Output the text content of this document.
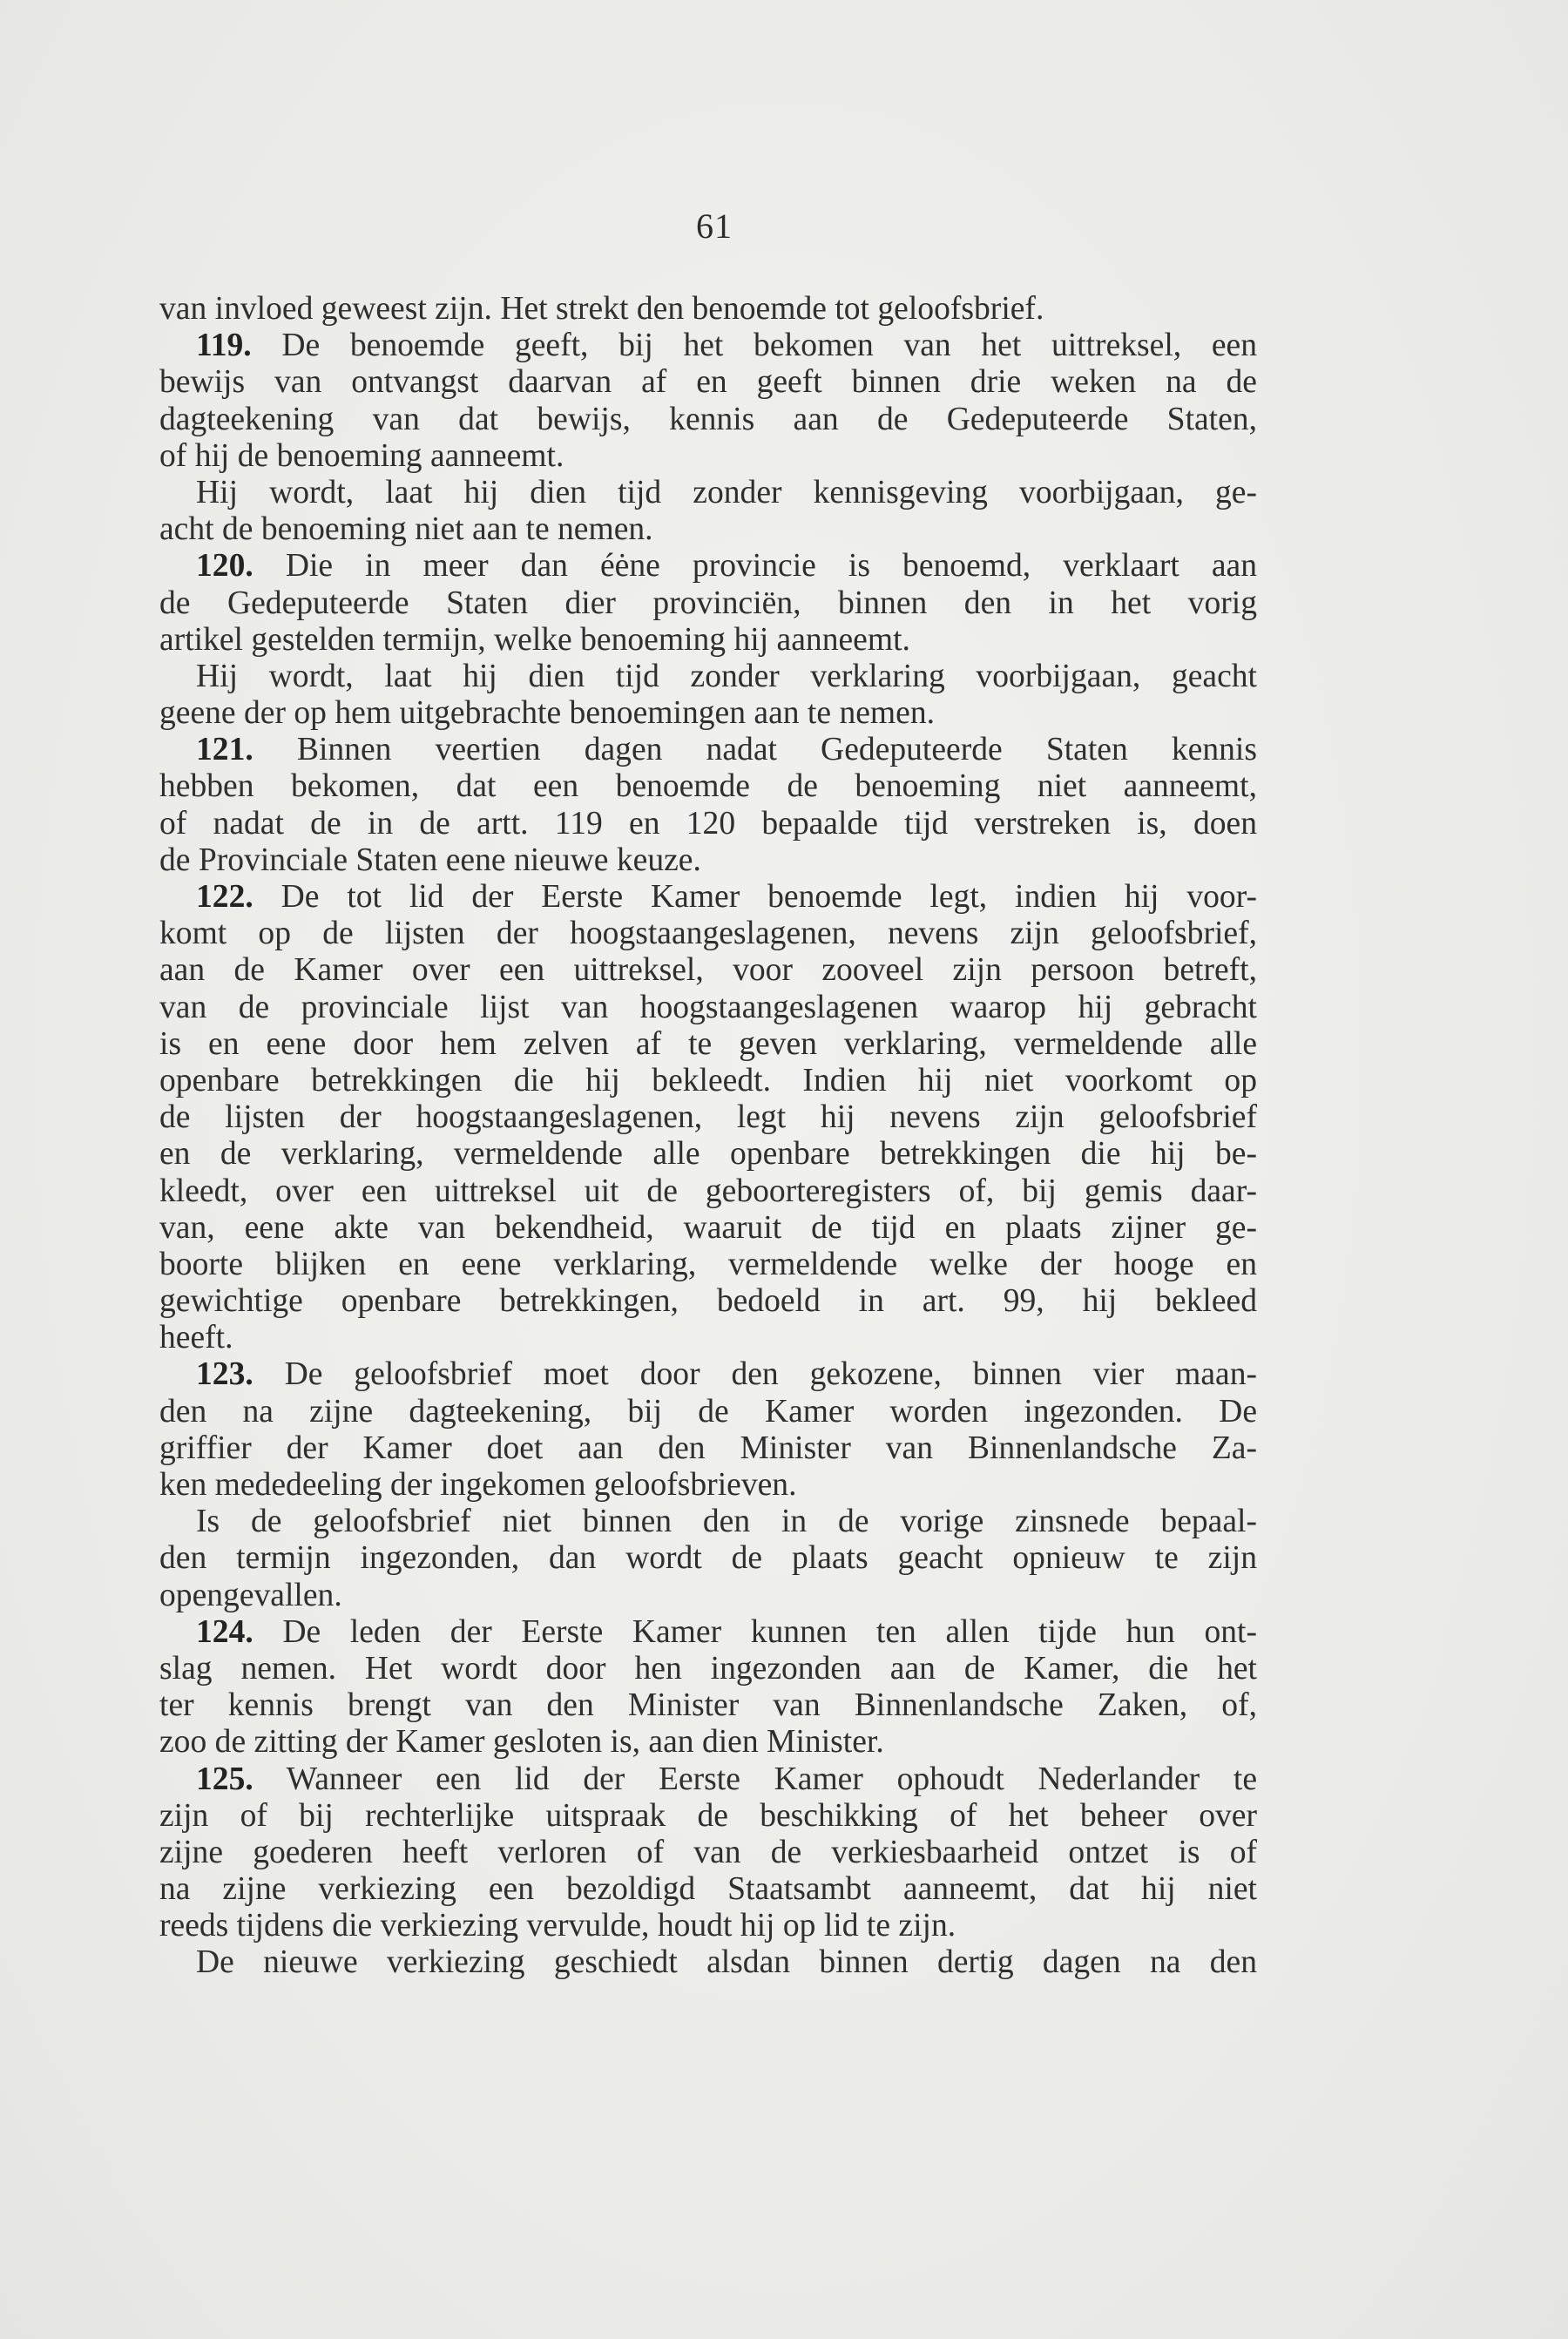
61
van invloed geweest zijn. Het strekt den benoemde tot geloofsbrief.
119. De benoemde geeft, bij het bekomen van het uittreksel, een
bewijs van ontvangst daarvan af en geeft binnen drie weken na de
dagteekening van dat bewijs, kennis aan de Gedeputeerde Staten,
of hij de benoeming aanneemt.
Hij wordt, laat hij dien tijd zonder kennisgeving voorbijgaan, ge-
acht de benoeming niet aan te nemen.
120. Die in meer dan éėne provincie is benoemd, verklaart aan
de Gedeputeerde Staten dier provinciën, binnen den in het vorig
artikel gestelden termijn, welke benoeming hij aanneemt.
Hij wordt, laat hij dien tijd zonder verklaring voorbijgaan, geacht
geene der op hem uitgebrachte benoemingen aan te nemen.
121. Binnen veertien dagen nadat Gedeputeerde Staten kennis
hebben bekomen, dat een benoemde de benoeming niet aanneemt,
of nadat de in de artt. 119 en 120 bepaalde tijd verstreken is, doen
de Provinciale Staten eene nieuwe keuze.
122. De tot lid der Eerste Kamer benoemde legt, indien hij voor-
komt op de lijsten der hoogstaangeslagenen, nevens zijn geloofsbrief,
aan de Kamer over een uittreksel, voor zooveel zijn persoon betreft,
van de provinciale lijst van hoogstaangeslagenen waarop hij gebracht
is en eene door hem zelven af te geven verklaring, vermeldende alle
openbare betrekkingen die hij bekleedt. Indien hij niet voorkomt op
de lijsten der hoogstaangeslagenen, legt hij nevens zijn geloofsbrief
en de verklaring, vermeldende alle openbare betrekkingen die hij be-
kleedt, over een uittreksel uit de geboorteregisters of, bij gemis daar-
van, eene akte van bekendheid, waaruit de tijd en plaats zijner ge-
boorte blijken en eene verklaring, vermeldende welke der hooge en
gewichtige openbare betrekkingen, bedoeld in art. 99, hij bekleed
heeft.
123. De geloofsbrief moet door den gekozene, binnen vier maan-
den na zijne dagteekening, bij de Kamer worden ingezonden. De
griffier der Kamer doet aan den Minister van Binnenlandsche Za-
ken mededeeling der ingekomen geloofsbrieven.
Is de geloofsbrief niet binnen den in de vorige zinsnede bepaal-
den termijn ingezonden, dan wordt de plaats geacht opnieuw te zijn
opengevallen.
124. De leden der Eerste Kamer kunnen ten allen tijde hun ont-
slag nemen. Het wordt door hen ingezonden aan de Kamer, die het
ter kennis brengt van den Minister van Binnenlandsche Zaken, of,
zoo de zitting der Kamer gesloten is, aan dien Minister.
125. Wanneer een lid der Eerste Kamer ophoudt Nederlander te
zijn of bij rechterlijke uitspraak de beschikking of het beheer over
zijne goederen heeft verloren of van de verkiesbaarheid ontzet is of
na zijne verkiezing een bezoldigd Staatsambt aanneemt, dat hij niet
reeds tijdens die verkiezing vervulde, houdt hij op lid te zijn.
De nieuwe verkiezing geschiedt alsdan binnen dertig dagen na den
